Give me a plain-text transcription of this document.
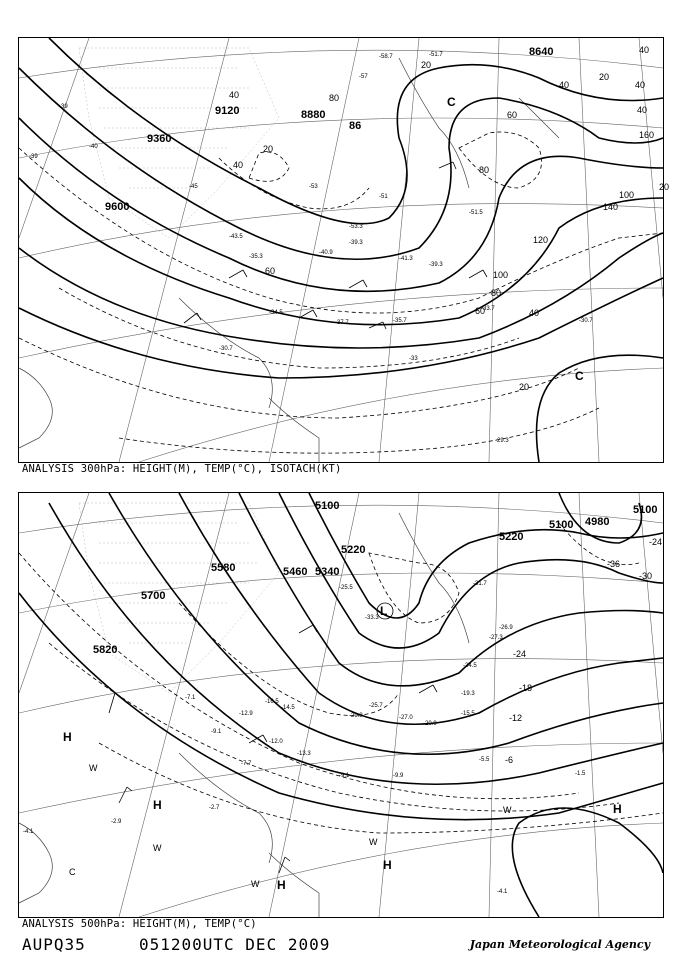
8640
9120
9360
8880
9600
86
40
40
20
80
60
40
100
140
120
100
80
60	40
20
20
40
20
40
80
60
40
160
20
-51.7
-58.7
-57
-39
-40
-45	-53
-51
-43.5
-35.3
-39
-33
-30.7
-37.7	-35.7
-29.3
-33.7
-30.7
-34.5
-39.3
-41.3
-40.9
-39.3
-51.5
-53.3
C
C
ANALYSIS 300hPa: HEIGHT(M), TEMP(°C), ISOTACH(KT)
5100
5100
5100
4980
5220
5220
5460 5340
5580
5700
5820
-24
-36
-30
-24
-18
-12
-6
-25.5
-33.3
-31.7
-26.9
-27.3
-24.5
-19.3
-15.5
-20.9
-27.0
-29.3
-25.7
-14.5
-16.5
-12.9
-9.1
-12.0
-7.7
-13.3
-9.1	-9.9
-5.5
-4.1
-7.1
-2.7
-2.9
-1.5
-4.1
L
H
H
H
H
H
C
W
W
W
W
W
ANALYSIS 500hPa: HEIGHT(M), TEMP(°C)
AUPQ35	051200UTC DEC 2009	Japan Meteorological Agency
